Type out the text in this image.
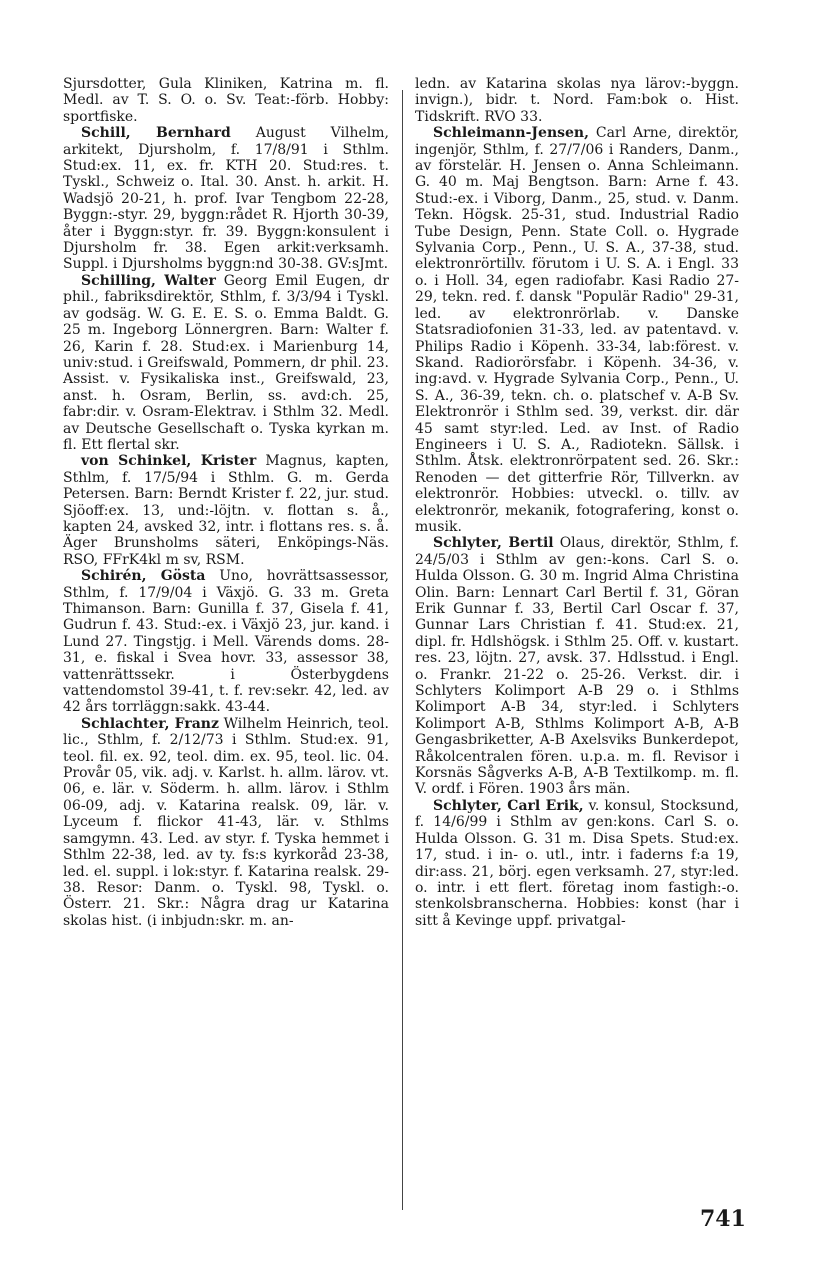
Sjursdotter, Gula Kliniken, Katrina m. fl. Medl. av T. S. O. o. Sv. Teat:-förb. Hobby: sportfiske.

Schill, Bernhard August Vilhelm, arkitekt, Djursholm, f. 17/8/91 i Sthlm. Stud:ex. 11, ex. fr. KTH 20. Stud:res. t. Tyskl., Schweiz o. Ital. 30. Anst. h. arkit. H. Wadsjö 20-21, h. prof. Ivar Tengbom 22-28, Byggn:-styr. 29, byggn:rådet R. Hjorth 30-39, åter i Byggn:styr. fr. 39. Byggn:konsulent i Djursholm fr. 38. Egen arkit:verksamh. Suppl. i Djursholms byggn:nd 30-38. GV:sJmt.

Schilling, Walter Georg Emil Eugen, dr phil., fabriksdirektör, Sthlm, f. 3/3/94 i Tyskl. av godsäg. W. G. E. E. S. o. Emma Baldt. G. 25 m. Ingeborg Lönnergren. Barn: Walter f. 26, Karin f. 28. Stud:ex. i Marienburg 14, univ:stud. i Greifswald, Pommern, dr phil. 23. Assist. v. Fysikaliska inst., Greifswald, 23, anst. h. Osram, Berlin, ss. avd:ch. 25, fabr:dir. v. Osram-Elektrav. i Sthlm 32. Medl. av Deutsche Gesellschaft o. Tyska kyrkan m. fl. Ett flertal skr.

von Schinkel, Krister Magnus, kapten, Sthlm, f. 17/5/94 i Sthlm. G. m. Gerda Petersen. Barn: Berndt Krister f. 22, jur. stud. Sjöoff:ex. 13, und:-löjtn. v. flottan s. å., kapten 24, avsked 32, intr. i flottans res. s. å. Äger Brunsholms säteri, Enköpings-Näs. RSO, FFrK4kl m sv, RSM.

Schirén, Gösta Uno, hovrättsassessor, Sthlm, f. 17/9/04 i Växjö. G. 33 m. Greta Thimanson. Barn: Gunilla f. 37, Gisela f. 41, Gudrun f. 43. Stud:-ex. i Växjö 23, jur. kand. i Lund 27. Tingstjg. i Mell. Värends doms. 28-31, e. fiskal i Svea hovr. 33, assessor 38, vattenrättssekr. i Österbygdens vattendomstol 39-41, t. f. rev:sekr. 42, led. av 42 års torrläggn:sakk. 43-44.

Schlachter, Franz Wilhelm Heinrich, teol. lic., Sthlm, f. 2/12/73 i Sthlm. Stud:ex. 91, teol. fil. ex. 92, teol. dim. ex. 95, teol. lic. 04. Provår 05, vik. adj. v. Karlst. h. allm. lärov. vt. 06, e. lär. v. Söderm. h. allm. lärov. i Sthlm 06-09, adj. v. Katarina realsk. 09, lär. v. Lyceum f. flickor 41-43, lär. v. Sthlms samgymn. 43. Led. av styr. f. Tyska hemmet i Sthlm 22-38, led. av ty. fs:s kyrkoråd 23-38, led. el. suppl. i lok:styr. f. Katarina realsk. 29-38. Resor: Danm. o. Tyskl. 98, Tyskl. o. Österr. 21. Skr.: Några drag ur Katarina skolas hist. (i inbjudn:skr. m. an-

ledn. av Katarina skolas nya lärov:-byggn. invign.), bidr. t. Nord. Fam:bok o. Hist. Tidskrift. RVO 33.

Schleimann-Jensen, Carl Arne, direktör, ingenjör, Sthlm, f. 27/7/06 i Randers, Danm., av förstelär. H. Jensen o. Anna Schleimann. G. 40 m. Maj Bengtson. Barn: Arne f. 43. Stud:-ex. i Viborg, Danm., 25, stud. v. Danm. Tekn. Högsk. 25-31, stud. Industrial Radio Tube Design, Penn. State Coll. o. Hygrade Sylvania Corp., Penn., U. S. A., 37-38, stud. elektronrörtillv. förutom i U. S. A. i Engl. 33 o. i Holl. 34, egen radiofabr. Kasi Radio 27-29, tekn. red. f. dansk "Populär Radio" 29-31, led. av elektronrörlab. v. Danske Statsradiofonien 31-33, led. av patentavd. v. Philips Radio i Köpenh. 33-34, lab:förest. v. Skand. Radiorörsfabr. i Köpenh. 34-36, v. ing:avd. v. Hygrade Sylvania Corp., Penn., U. S. A., 36-39, tekn. ch. o. platschef v. A-B Sv. Elektronrör i Sthlm sed. 39, verkst. dir. där 45 samt styr:led. Led. av Inst. of Radio Engineers i U. S. A., Radiotekn. Sällsk. i Sthlm. Åtsk. elektronrörpatent sed. 26. Skr.: Renoden — det gitterfrie Rör, Tillverkn. av elektronrör. Hobbies: utveckl. o. tillv. av elektronrör, mekanik, fotografering, konst o. musik.

Schlyter, Bertil Olaus, direktör, Sthlm, f. 24/5/03 i Sthlm av gen:-kons. Carl S. o. Hulda Olsson. G. 30 m. Ingrid Alma Christina Olin. Barn: Lennart Carl Bertil f. 31, Göran Erik Gunnar f. 33, Bertil Carl Oscar f. 37, Gunnar Lars Christian f. 41. Stud:ex. 21, dipl. fr. Hdlshögsk. i Sthlm 25. Off. v. kustart. res. 23, löjtn. 27, avsk. 37. Hdlsstud. i Engl. o. Frankr. 21-22 o. 25-26. Verkst. dir. i Schlyters Kolimport A-B 29 o. i Sthlms Kolimport A-B 34, styr:led. i Schlyters Kolimport A-B, Sthlms Kolimport A-B, A-B Gengasbriketter, A-B Axelsviks Bunkerdepot, Råkolcentralen fören. u.p.a. m. fl. Revisor i Korsnäs Sågverks A-B, A-B Textilkomp. m. fl. V. ordf. i Fören. 1903 års män.

Schlyter, Carl Erik, v. konsul, Stocksund, f. 14/6/99 i Sthlm av gen:kons. Carl S. o. Hulda Olsson. G. 31 m. Disa Spets. Stud:ex. 17, stud. i in- o. utl., intr. i faderns f:a 19, dir:ass. 21, börj. egen verksamh. 27, styr:led. o. intr. i ett flert. företag inom fastigh:-o. stenkolsbranscherna. Hobbies: konst (har i sitt å Kevinge uppf. privatgal-

741
